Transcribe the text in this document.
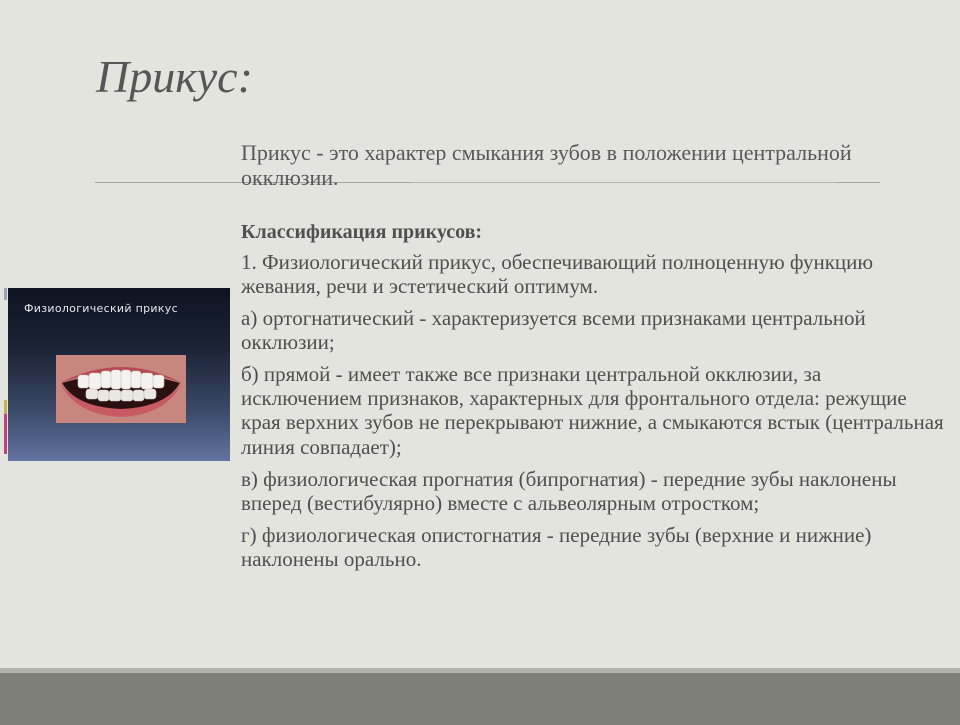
Прикус:
Физиологический прикус

Прикус - это характер смыкания зубов в положении центральной окклюзии.

Классификация прикусов:

1. Физиологический прикус, обеспечивающий полноценную функцию жевания, речи и эстетический оптимум.

а) ортогнатический - характеризуется всеми признаками центральной окклюзии;

б) прямой - имеет также все признаки центральной окклюзии, за исключением признаков, характерных для фронтального отдела: режущие края верхних зубов не перекрывают нижние, а смыкаются встык (центральная линия совпадает);

в) физиологическая прогнатия (бипрогнатия) - передние зубы наклонены вперед (вестибулярно) вместе с альвеолярным отростком;

г) физиологическая опистогнатия - передние зубы (верхние и нижние) наклонены орально.
